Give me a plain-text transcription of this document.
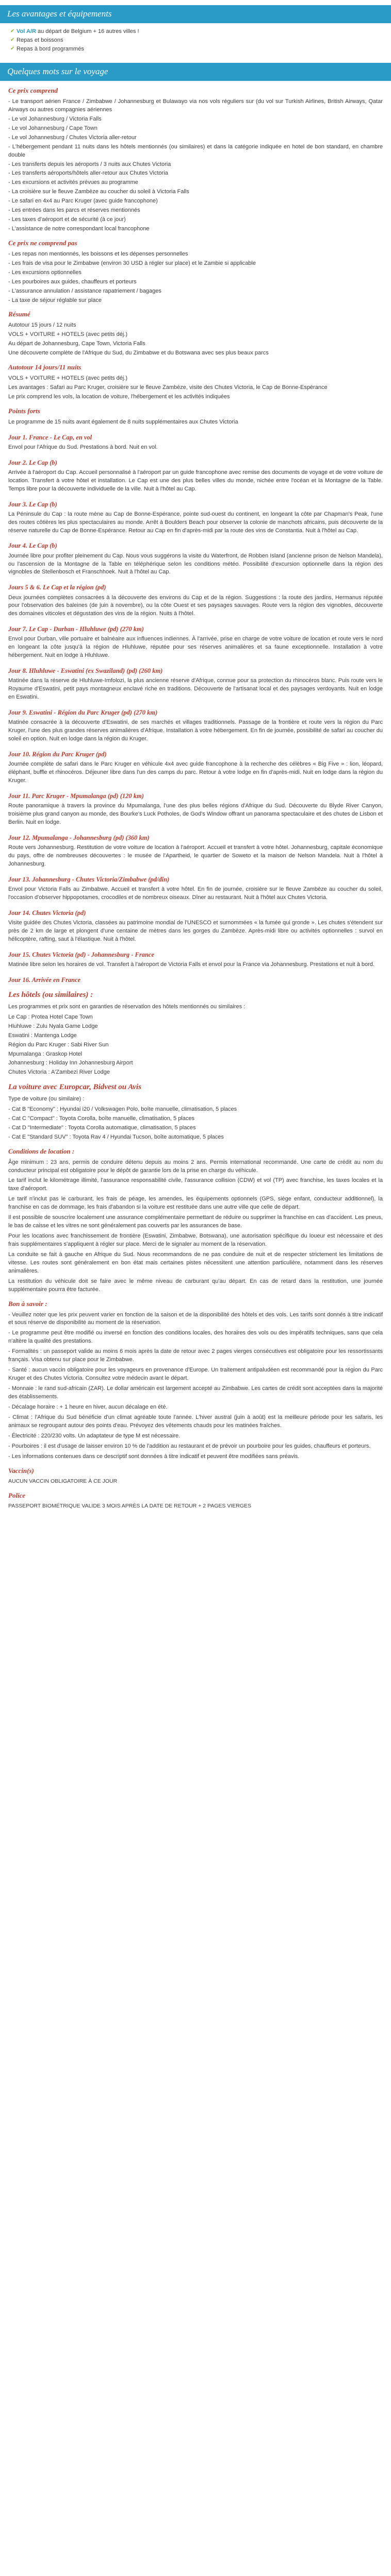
Les avantages et équipements
✔ Vol A/R au départ de Belgium + 16 autres villes !
✔ Repas et boissons
✔ Repas à bord programmés
Quelques mots sur le voyage
Ce prix comprend

- Le transport aérien France / Zimbabwe / Johannesburg et Bulawayo via nos vols réguliers sur (du vol sur Turkish Airlines, British Airways, Qatar Airways ou autres compagnies aériennes

- Le vol Johannesburg / Victoria Falls

- Le vol Johannesburg / Cape Town

- Le vol Johannesburg / Chutes Victoria aller-retour

- L'hébergement pendant 11 nuits dans les hôtels mentionnés (ou similaires) et dans la catégorie indiquée en hotel de bon standard, en chambre double

- Les transferts depuis les aéroports / 3 nuits aux Chutes Victoria

- Les transferts aéroports/hôtels aller-retour aux Chutes Victoria

- Les excursions et activités prévues au programme

- La croisière sur le fleuve Zambèze au coucher du soleil à Victoria Falls

- Le safari en 4x4 au Parc Kruger (avec guide francophone)

- Les entrées dans les parcs et réserves mentionnés

- Les taxes d'aéroport et de sécurité (à ce jour)

- L'assistance de notre correspondant local francophone

Ce prix ne comprend pas

- Les repas non mentionnés, les boissons et les dépenses personnelles

- Les frais de visa pour le Zimbabwe (environ 30 USD à régler sur place) et le Zambie si applicable

- Les excursions optionnelles

- Les pourboires aux guides, chauffeurs et porteurs

- L'assurance annulation / assistance rapatriement / bagages

- La taxe de séjour réglable sur place

Résumé

Autotour 15 jours / 12 nuits

VOLS + VOITURE + HOTELS (avec petits déj.)

Au départ de Johannesburg, Cape Town, Victoria Falls

Une découverte complète de l'Afrique du Sud, du Zimbabwe et du Botswana avec ses plus beaux parcs

Autotour 14 jours/11 nuits

VOLS + VOITURE + HOTELS (avec petits déj.)

Les avantages : Safari au Parc Kruger, croisière sur le fleuve Zambèze, visite des Chutes Victoria, le Cap de Bonne-Espérance

Le prix comprend les vols, la location de voiture, l'hébergement et les activités indiquées

Points forts

Le programme de 15 nuits avant également de 8 nuits supplémentaires aux Chutes Victoria

Jour 1. France - Le Cap, en vol

Envol pour l'Afrique du Sud. Prestations à bord. Nuit en vol.

Jour 2. Le Cap (b)

Arrivée à l'aéroport du Cap. Accueil personnalisé à l'aéroport par un guide francophone avec remise des documents de voyage et de votre voiture de location. Transfert à votre hôtel et installation. Le Cap est une des plus belles villes du monde, nichée entre l'océan et la Montagne de la Table. Temps libre pour la découverte individuelle de la ville. Nuit à l'hôtel au Cap.

Jour 3. Le Cap (b)

La Péninsule du Cap : la route mène au Cap de Bonne-Espérance, pointe sud-ouest du continent, en longeant la côte par Chapman's Peak, l'une des routes côtières les plus spectaculaires au monde. Arrêt à Boulders Beach pour observer la colonie de manchots africains, puis découverte de la réserve naturelle du Cap de Bonne-Espérance. Retour au Cap en fin d'après-midi par la route des vins de Constantia. Nuit à l'hôtel au Cap.

Jour 4. Le Cap (b)

Journée libre pour profiter pleinement du Cap. Nous vous suggérons la visite du Waterfront, de Robben Island (ancienne prison de Nelson Mandela), ou l'ascension de la Montagne de la Table en téléphérique selon les conditions météo. Possibilité d'excursion optionnelle dans la région des vignobles de Stellenbosch et Franschhoek. Nuit à l'hôtel au Cap.

Jours 5 & 6. Le Cap et la région (pd)

Deux journées complètes consacrées à la découverte des environs du Cap et de la région. Suggestions : la route des jardins, Hermanus réputée pour l'observation des baleines (de juin à novembre), ou la côte Ouest et ses paysages sauvages. Route vers la région des vignobles, découverte des domaines viticoles et dégustation des vins de la région. Nuits à l'hôtel.

Jour 7. Le Cap - Durban - Hluhluwe (pd) (270 km)

Envol pour Durban, ville portuaire et balnéaire aux influences indiennes. À l'arrivée, prise en charge de votre voiture de location et route vers le nord en longeant la côte jusqu'à la région de Hluhluwe, réputée pour ses réserves animalières et sa faune exceptionnelle. Installation à votre hébergement. Nuit en lodge à Hluhluwe.

Jour 8. Hluhluwe - Eswatini (ex Swaziland) (pd) (260 km)

Matinée dans la réserve de Hluhluwe-Imfolozi, la plus ancienne réserve d'Afrique, connue pour sa protection du rhinocéros blanc. Puis route vers le Royaume d'Eswatini, petit pays montagneux enclavé riche en traditions. Découverte de l'artisanat local et des paysages verdoyants. Nuit en lodge en Eswatini.

Jour 9. Eswatini - Région du Parc Kruger (pd) (270 km)

Matinée consacrée à la découverte d'Eswatini, de ses marchés et villages traditionnels. Passage de la frontière et route vers la région du Parc Kruger, l'une des plus grandes réserves animalières d'Afrique. Installation à votre hébergement. En fin de journée, possibilité de safari au coucher du soleil en option. Nuit en lodge dans la région du Kruger.

Jour 10. Région du Parc Kruger (pd)

Journée complète de safari dans le Parc Kruger en véhicule 4x4 avec guide francophone à la recherche des célèbres « Big Five » : lion, léopard, éléphant, buffle et rhinocéros. Déjeuner libre dans l'un des camps du parc. Retour à votre lodge en fin d'après-midi. Nuit en lodge dans la région du Kruger.

Jour 11. Parc Kruger - Mpumalanga (pd) (120 km)

Route panoramique à travers la province du Mpumalanga, l'une des plus belles régions d'Afrique du Sud. Découverte du Blyde River Canyon, troisième plus grand canyon au monde, des Bourke's Luck Potholes, de God's Window offrant un panorama spectaculaire et des chutes de Lisbon et Berlin. Nuit en lodge.

Jour 12. Mpumalanga - Johannesburg (pd) (360 km)

Route vers Johannesburg. Restitution de votre voiture de location à l'aéroport. Accueil et transfert à votre hôtel. Johannesburg, capitale économique du pays, offre de nombreuses découvertes : le musée de l'Apartheid, le quartier de Soweto et la maison de Nelson Mandela. Nuit à l'hôtel à Johannesburg.

Jour 13. Johannesburg - Chutes Victoria/Zimbabwe (pd/dîn)

Envol pour Victoria Falls au Zimbabwe. Accueil et transfert à votre hôtel. En fin de journée, croisière sur le fleuve Zambèze au coucher du soleil, l'occasion d'observer hippopotames, crocodiles et de nombreux oiseaux. Dîner au restaurant. Nuit à l'hôtel aux Chutes Victoria.

Jour 14. Chutes Victoria (pd)

Visite guidée des Chutes Victoria, classées au patrimoine mondial de l'UNESCO et surnommées « la fumée qui gronde ». Les chutes s'étendent sur près de 2 km de large et plongent d'une centaine de mètres dans les gorges du Zambèze. Après-midi libre ou activités optionnelles : survol en hélicoptère, rafting, saut à l'élastique. Nuit à l'hôtel.

Jour 15. Chutes Victoria (pd) - Johannesburg - France

Matinée libre selon les horaires de vol. Transfert à l'aéroport de Victoria Falls et envol pour la France via Johannesburg. Prestations et nuit à bord.

Jour 16. Arrivée en France
Les hôtels (ou similaires) :

Les programmes et prix sont en garanties de réservation des hôtels mentionnés ou similaires :

Le Cap : Protea Hotel Cape Town

Hluhluwe : Zulu Nyala Game Lodge

Eswatini : Mantenga Lodge

Région du Parc Kruger : Sabi River Sun

Mpumalanga : Graskop Hotel

Johannesburg : Holiday Inn Johannesburg Airport

Chutes Victoria : A'Zambezi River Lodge

La voiture avec Europcar, Bidvest ou Avis

Type de voiture (ou similaire) :

- Cat B "Economy" : Hyundai i20 / Volkswagen Polo, boîte manuelle, climatisation, 5 places

- Cat C "Compact" : Toyota Corolla, boîte manuelle, climatisation, 5 places

- Cat D "Intermediate" : Toyota Corolla automatique, climatisation, 5 places

- Cat E "Standard SUV" : Toyota Rav 4 / Hyundai Tucson, boîte automatique, 5 places

Conditions de location :

Âge minimum : 23 ans, permis de conduire détenu depuis au moins 2 ans. Permis international recommandé. Une carte de crédit au nom du conducteur principal est obligatoire pour le dépôt de garantie lors de la prise en charge du véhicule.

Le tarif inclut le kilométrage illimité, l'assurance responsabilité civile, l'assurance collision (CDW) et vol (TP) avec franchise, les taxes locales et la taxe d'aéroport.

Le tarif n'inclut pas le carburant, les frais de péage, les amendes, les équipements optionnels (GPS, siège enfant, conducteur additionnel), la franchise en cas de dommage, les frais d'abandon si la voiture est restituée dans une autre ville que celle de départ.

Il est possible de souscrire localement une assurance complémentaire permettant de réduire ou supprimer la franchise en cas d'accident. Les pneus, le bas de caisse et les vitres ne sont généralement pas couverts par les assurances de base.

Pour les locations avec franchissement de frontière (Eswatini, Zimbabwe, Botswana), une autorisation spécifique du loueur est nécessaire et des frais supplémentaires s'appliquent à régler sur place. Merci de le signaler au moment de la réservation.

La conduite se fait à gauche en Afrique du Sud. Nous recommandons de ne pas conduire de nuit et de respecter strictement les limitations de vitesse. Les routes sont généralement en bon état mais certaines pistes nécessitent une attention particulière, notamment dans les réserves animalières.

La restitution du véhicule doit se faire avec le même niveau de carburant qu'au départ. En cas de retard dans la restitution, une journée supplémentaire pourra être facturée.

Bon à savoir :

- Veuillez noter que les prix peuvent varier en fonction de la saison et de la disponibilité des hôtels et des vols. Les tarifs sont donnés à titre indicatif et sous réserve de disponibilité au moment de la réservation.

- Le programme peut être modifié ou inversé en fonction des conditions locales, des horaires des vols ou des impératifs techniques, sans que cela n'altère la qualité des prestations.

- Formalités : un passeport valide au moins 6 mois après la date de retour avec 2 pages vierges consécutives est obligatoire pour les ressortissants français. Visa obtenu sur place pour le Zimbabwe.

- Santé : aucun vaccin obligatoire pour les voyageurs en provenance d'Europe. Un traitement antipaludéen est recommandé pour la région du Parc Kruger et des Chutes Victoria. Consultez votre médecin avant le départ.

- Monnaie : le rand sud-africain (ZAR). Le dollar américain est largement accepté au Zimbabwe. Les cartes de crédit sont acceptées dans la majorité des établissements.

- Décalage horaire : + 1 heure en hiver, aucun décalage en été.

- Climat : l'Afrique du Sud bénéficie d'un climat agréable toute l'année. L'hiver austral (juin à août) est la meilleure période pour les safaris, les animaux se regroupant autour des points d'eau. Prévoyez des vêtements chauds pour les matinées fraîches.

- Électricité : 220/230 volts. Un adaptateur de type M est nécessaire.

- Pourboires : il est d'usage de laisser environ 10 % de l'addition au restaurant et de prévoir un pourboire pour les guides, chauffeurs et porteurs.

- Les informations contenues dans ce descriptif sont données à titre indicatif et peuvent être modifiées sans préavis.

Vaccin(s)

AUCUN VACCIN OBLIGATOIRE À CE JOUR

Police

PASSEPORT BIOMÉTRIQUE VALIDE 3 MOIS APRÈS LA DATE DE RETOUR + 2 PAGES VIERGES
